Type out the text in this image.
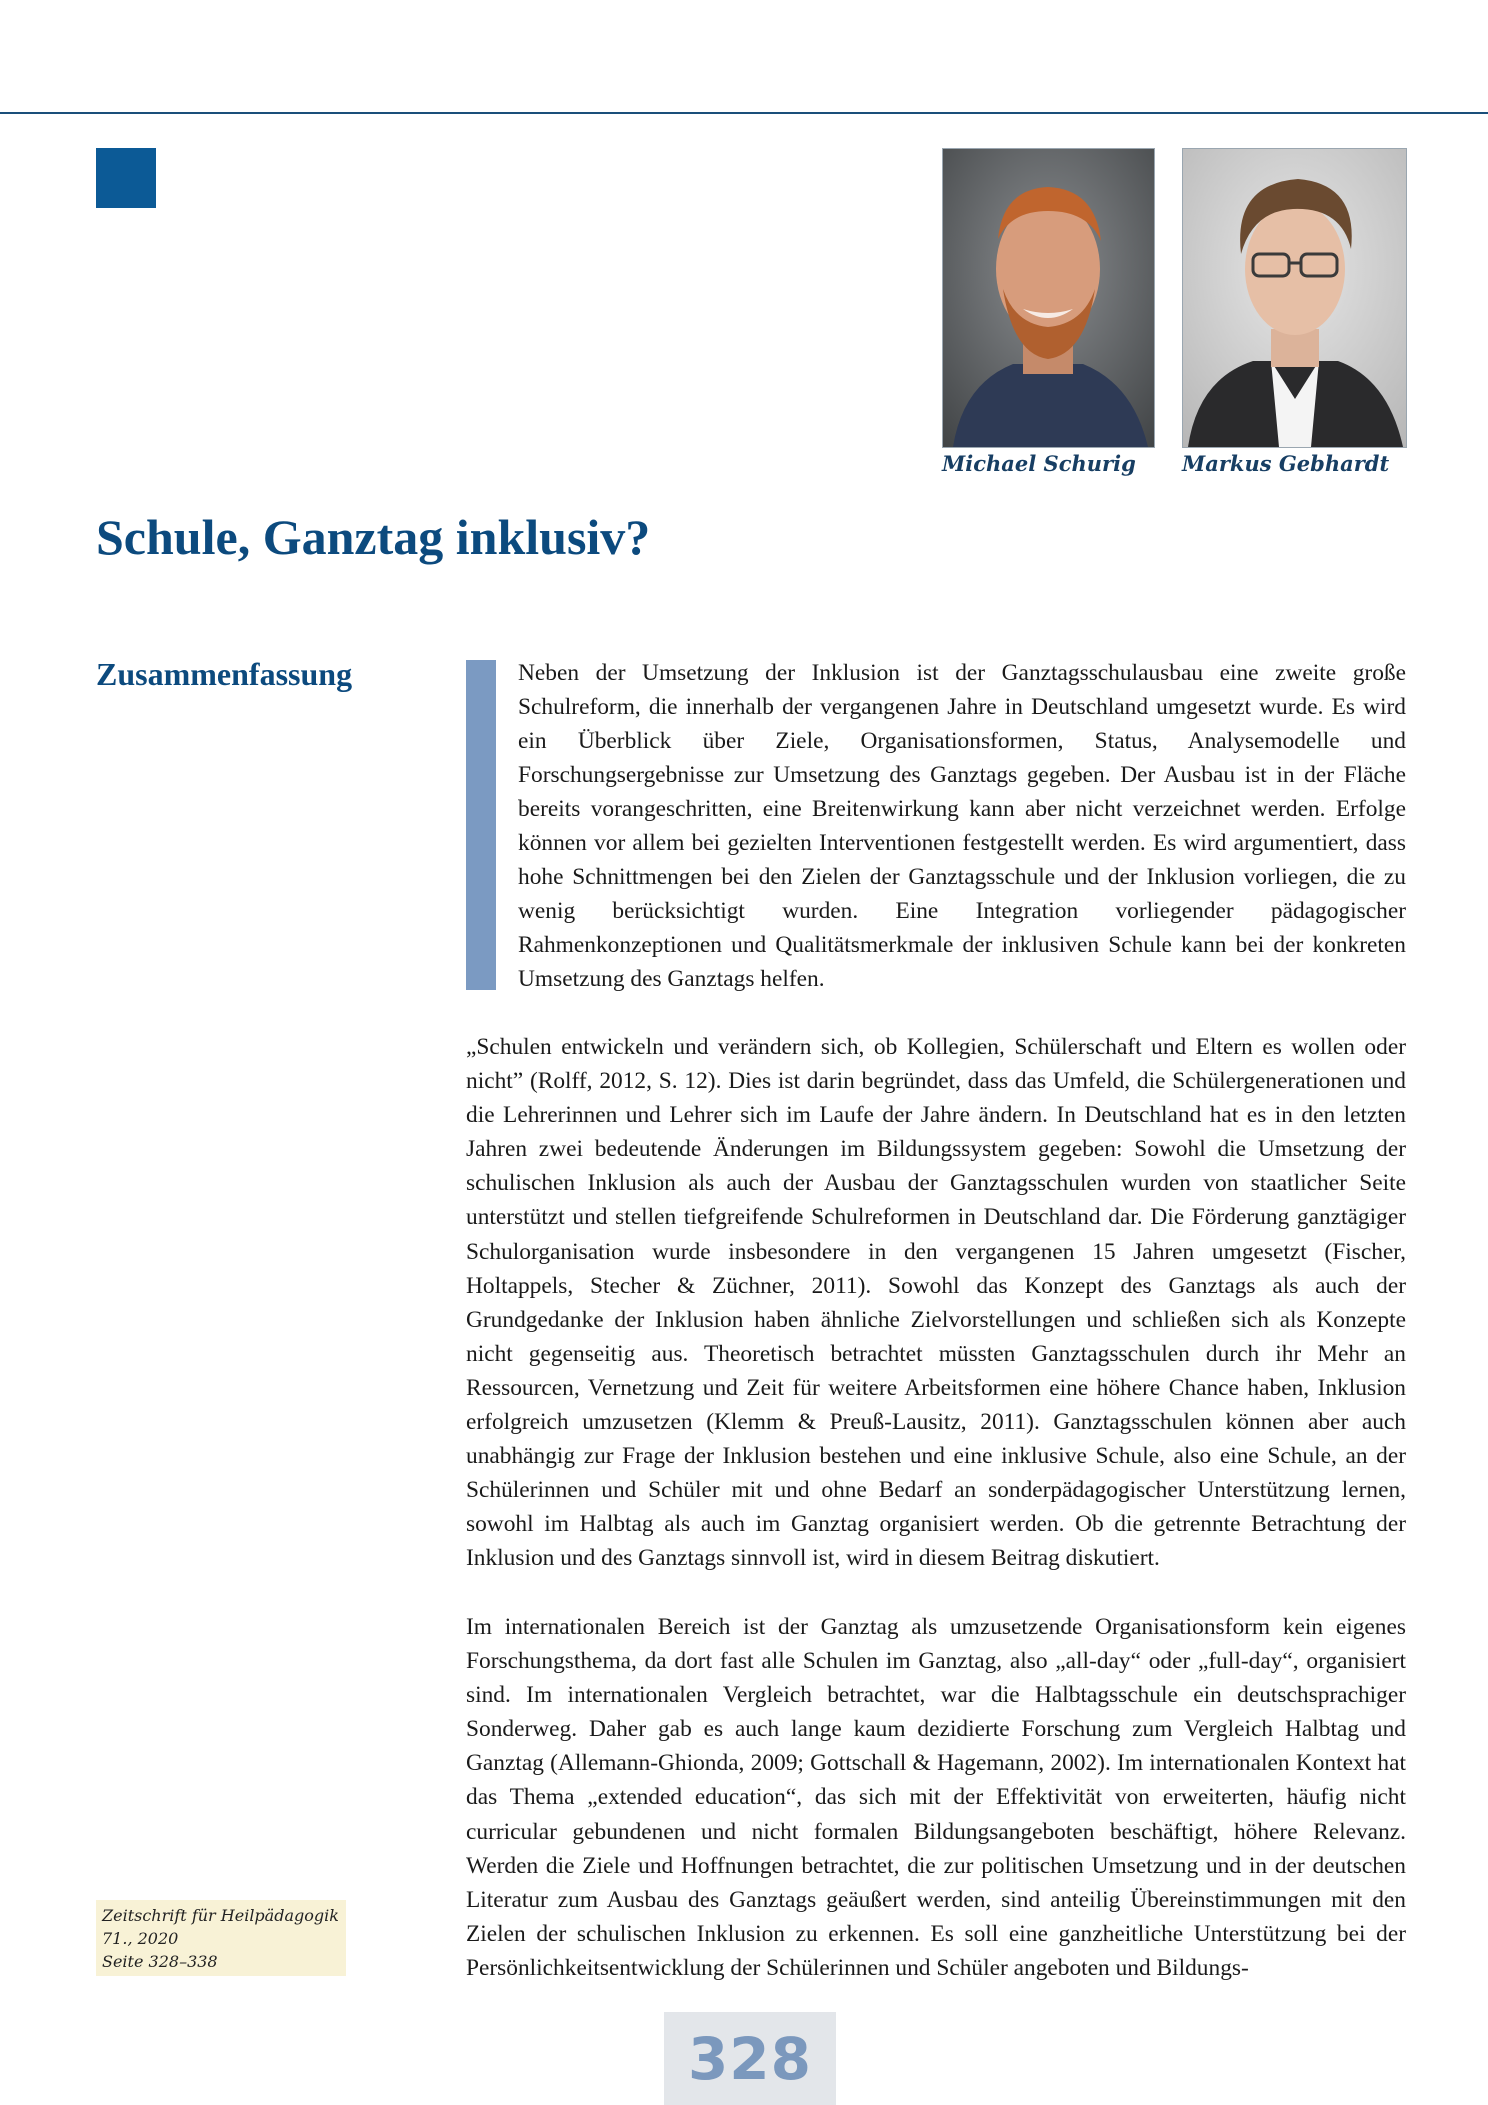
Michael Schurig Markus Gebhardt
Schule, Ganztag inklusiv?
Zusammenfassung	Neben der Umsetzung der Inklusion ist der Ganztagsschulausbau eine zweite große Schulreform, die innerhalb der vergangenen Jahre in Deutschland umgesetzt wurde. Es wird ein Überblick über Ziele, Organisationsformen, Status, Analysemodelle und Forschungsergebnisse zur Umsetzung des Ganztags gegeben. Der Ausbau ist in der Fläche bereits vorangeschritten, eine Breitenwirkung kann aber nicht verzeichnet werden. Erfolge können vor allem bei gezielten Interventionen festgestellt werden. Es wird argumentiert, dass hohe Schnittmengen bei den Zielen der Ganztagsschule und der Inklusion vorliegen, die zu wenig berücksichtigt wurden. Eine Integration vorliegender pädagogischer Rahmenkonzeptionen und Qualitätsmerkmale der inklusiven Schule kann bei der konkreten Umsetzung des Ganztags helfen.

„Schulen entwickeln und verändern sich, ob Kollegien, Schülerschaft und Eltern es wollen oder nicht” (Rolff, 2012, S. 12). Dies ist darin begründet, dass das Umfeld, die Schülergenerationen und die Lehrerinnen und Lehrer sich im Laufe der Jahre ändern. In Deutschland hat es in den letzten Jahren zwei bedeutende Änderungen im Bildungssystem gegeben: Sowohl die Umsetzung der schulischen Inklusion als auch der Ausbau der Ganztagsschulen wurden von staatlicher Seite unterstützt und stellen tiefgreifende Schulreformen in Deutschland dar. Die Förderung ganztägiger Schulorganisation wurde insbesondere in den vergangenen 15 Jahren umgesetzt (Fischer, Holtappels, Stecher & Züchner, 2011). Sowohl das Konzept des Ganztags als auch der Grundgedanke der Inklusion haben ähnliche Zielvorstellungen und schließen sich als Konzepte nicht gegenseitig aus. Theoretisch betrachtet müssten Ganztagsschulen durch ihr Mehr an Ressourcen, Vernetzung und Zeit für weitere Arbeitsformen eine höhere Chance haben, Inklusion erfolgreich umzusetzen (Klemm & Preuß-Lausitz, 2011). Ganztagsschulen können aber auch unabhängig zur Frage der Inklusion bestehen und eine inklusive Schule, also eine Schule, an der Schülerinnen und Schüler mit und ohne Bedarf an sonderpädagogischer Unterstützung lernen, sowohl im Halbtag als auch im Ganztag organisiert werden. Ob die getrennte Betrachtung der Inklusion und des Ganztags sinnvoll ist, wird in diesem Beitrag diskutiert.

Im internationalen Bereich ist der Ganztag als umzusetzende Organisationsform kein eigenes Forschungsthema, da dort fast alle Schulen im Ganztag, also „all-day“ oder „full-day“, organisiert sind. Im internationalen Vergleich betrachtet, war die Halbtagsschule ein deutschsprachiger Sonderweg. Daher gab es auch lange kaum dezidierte Forschung zum Vergleich Halbtag und Ganztag (Allemann-Ghionda, 2009; Gottschall & Hagemann, 2002). Im internationalen Kontext hat das Thema „extended education“, das sich mit der Effektivität von erweiterten, häufig nicht curricular gebundenen und nicht formalen Bildungsangeboten beschäftigt, höhere Relevanz. Werden die Ziele und Hoffnungen betrachtet, die zur politischen Umsetzung und in der deutschen Literatur zum Ausbau des Ganztags geäußert werden, sind anteilig Übereinstimmungen mit den Zielen der schulischen Inklusion zu erkennen. Es soll eine ganzheitliche Unterstützung bei der Persönlichkeitsentwicklung der Schülerinnen und Schüler angeboten und Bildungs-

Zeitschrift für Heilpädagogik
71., 2020
Seite 328–338
328
